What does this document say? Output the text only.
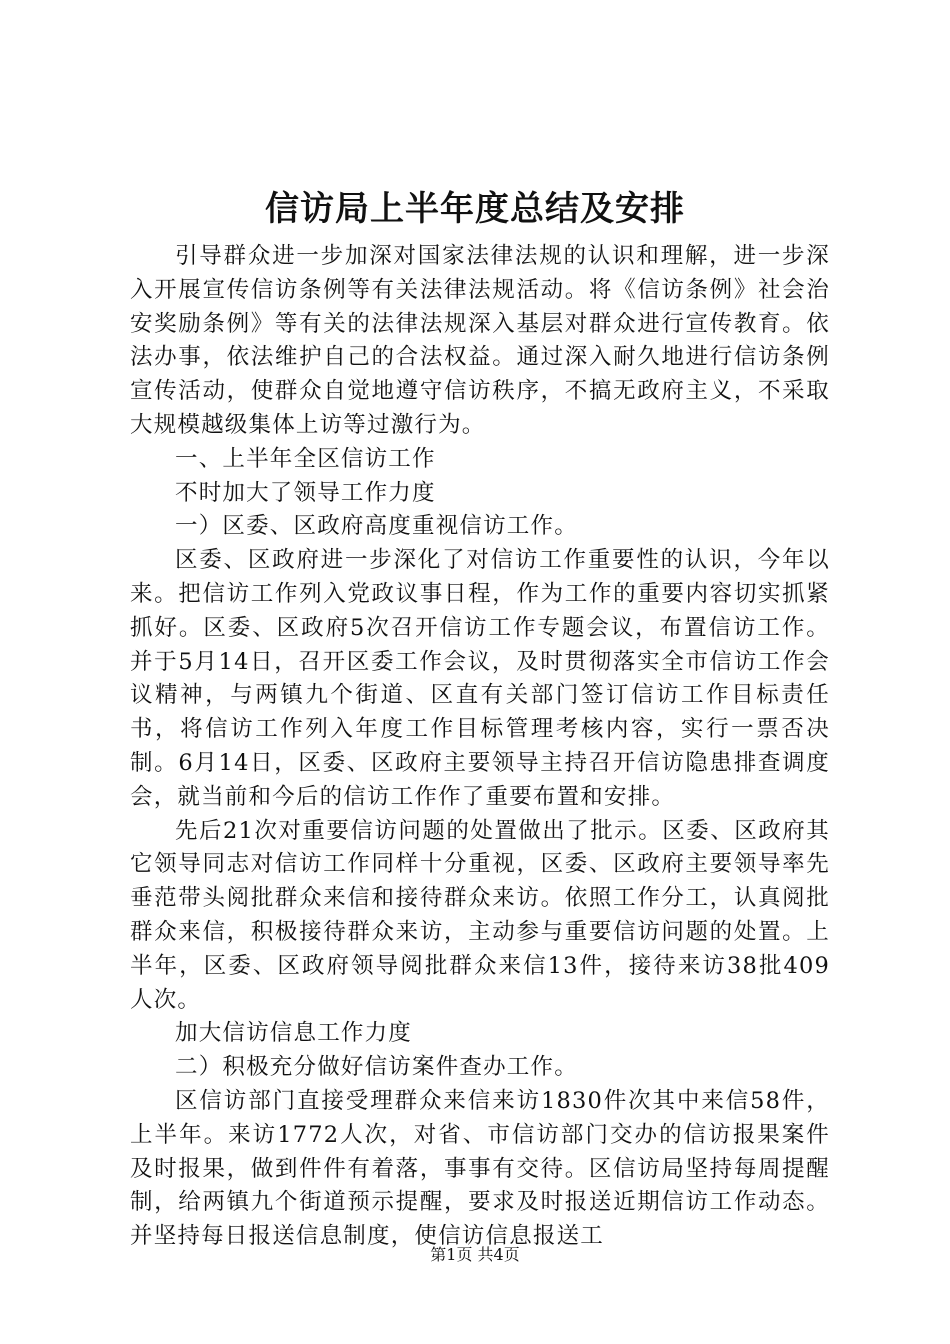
信访局上半年度总结及安排

引导群众进一步加深对国家法律法规的认识和理解，进一步深入开展宣传信访条例等有关法律法规活动。将《信访条例》社会治安奖励条例》等有关的法律法规深入基层对群众进行宣传教育。依法办事，依法维护自己的合法权益。通过深入耐久地进行信访条例宣传活动，使群众自觉地遵守信访秩序，不搞无政府主义，不采取大规模越级集体上访等过激行为。

一、上半年全区信访工作

不时加大了领导工作力度

一）区委、区政府高度重视信访工作。

区委、区政府进一步深化了对信访工作重要性的认识，今年以来。把信访工作列入党政议事日程，作为工作的重要内容切实抓紧抓好。区委、区政府5次召开信访工作专题会议，布置信访工作。并于5月14日，召开区委工作会议，及时贯彻落实全市信访工作会议精神，与两镇九个街道、区直有关部门签订信访工作目标责任书，将信访工作列入年度工作目标管理考核内容，实行一票否决制。6月14日，区委、区政府主要领导主持召开信访隐患排查调度会，就当前和今后的信访工作作了重要布置和安排。

先后21次对重要信访问题的处置做出了批示。区委、区政府其它领导同志对信访工作同样十分重视，区委、区政府主要领导率先垂范带头阅批群众来信和接待群众来访。依照工作分工，认真阅批群众来信，积极接待群众来访，主动参与重要信访问题的处置。上半年，区委、区政府领导阅批群众来信13件，接待来访38批409人次。

加大信访信息工作力度

二）积极充分做好信访案件查办工作。

区信访部门直接受理群众来信来访1830件次其中来信58件，上半年。来访1772人次，对省、市信访部门交办的信访报果案件及时报果，做到件件有着落，事事有交待。区信访局坚持每周提醒制，给两镇九个街道预示提醒，要求及时报送近期信访工作动态。并坚持每日报送信息制度，使信访信息报送工

第1页 共4页
